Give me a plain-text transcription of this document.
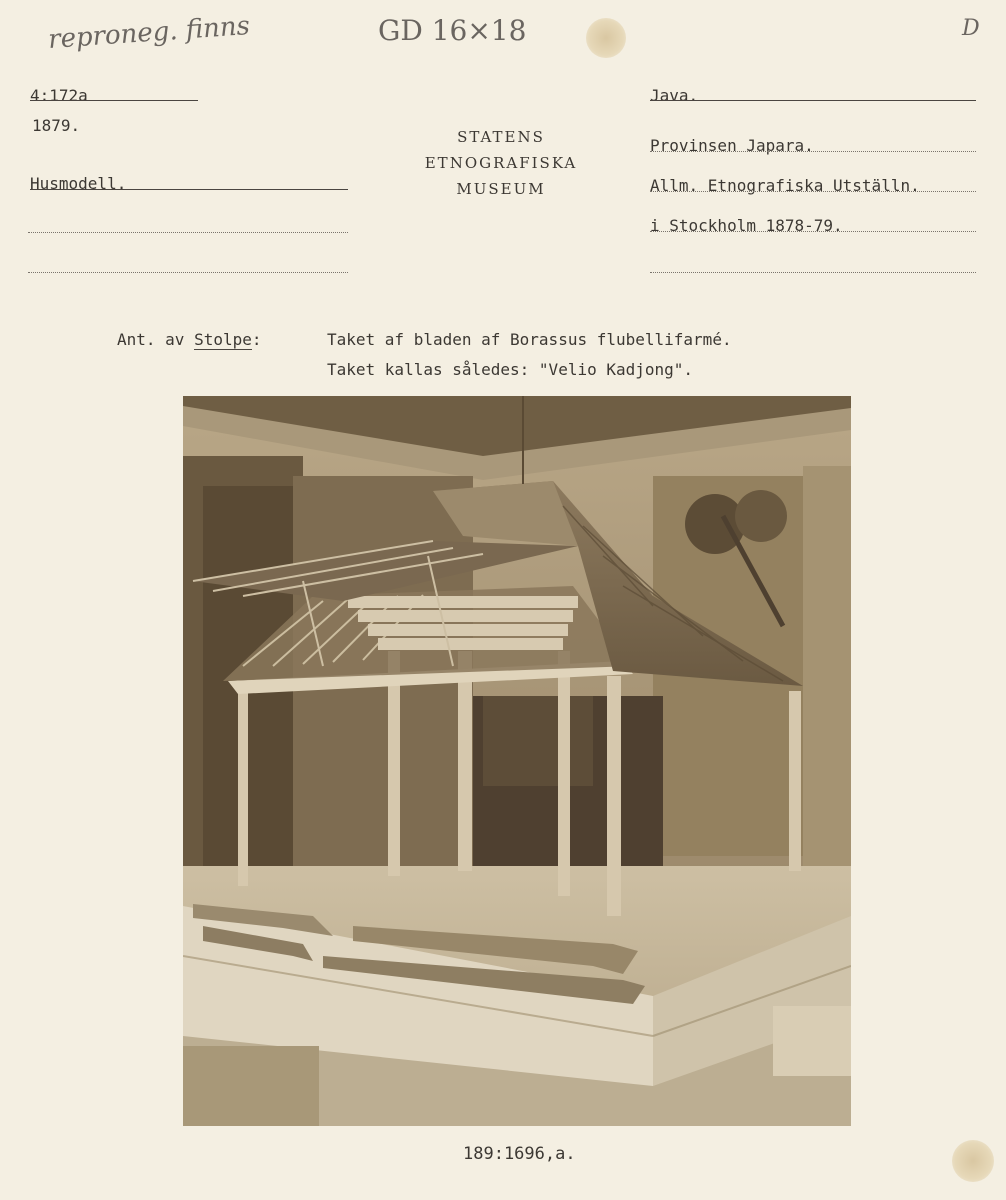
reproneg. finns	GD 16×18	D
4:172a
1879.
Husmodell.
STATENS
ETNOGRAFISKA
MUSEUM
Java.
Provinsen Japara.
Allm. Etnografiska Utställn.
i Stockholm 1878-79.
Ant. av Stolpe:	Taket af bladen af Borassus flubellifarmé.
Taket kallas således: "Velio Kadjong".
189:1696,a.
